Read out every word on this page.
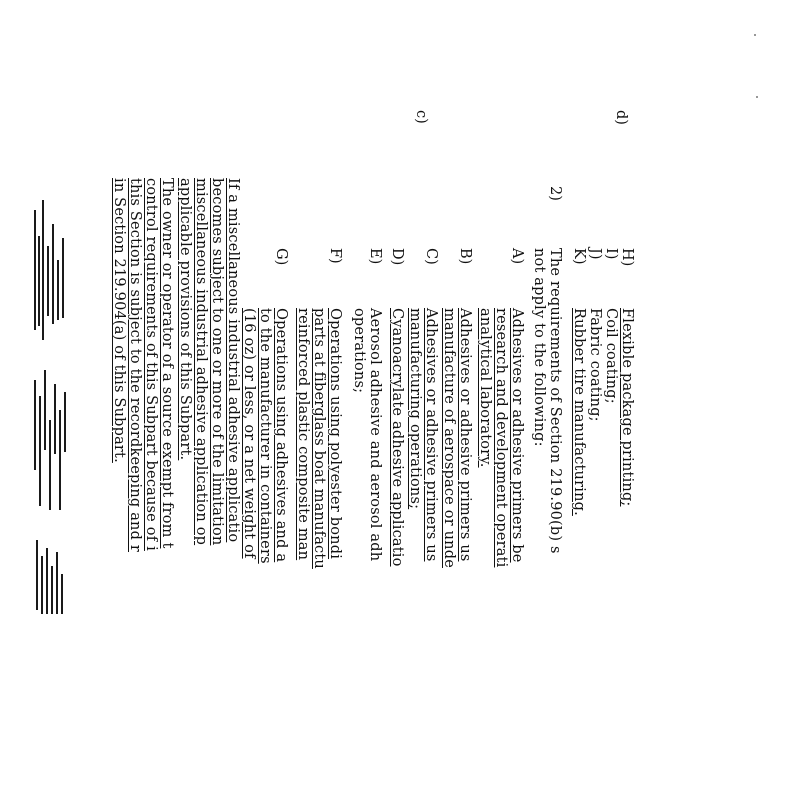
H)
Flexible package printing;
I)
Coil coating;
J)
Fabric coating;
K)
Rubber tire manufacturing.
2)
The requirements of Section 219.90(b) s
not apply to the following:
A)
Adhesives or adhesive primers be
research and development operati
analytical laboratory.
B)
Adhesives or adhesive primers us
manufacture of aerospace or unde
C)
Adhesives or adhesive primers us
manufacturing operations;
D)
Cyanoacrylate adhesive applicatio
E)
Aerosol adhesive and aerosol adh
operations;
F)
Operations using polyester bondi
parts at fiberglass boat manufactu
reinforced plastic composite man
G)
Operations using adhesives and a
to the manufacturer in containers
(16 oz) or less, or a net weight of
c)
If a miscellaneous industrial adhesive applicatio
becomes subject to one or more of the limitation
miscellaneous industrial adhesive application op
applicable provisions of this Subpart.
d)
The owner or operator of a source exempt from t
control requirements of this Subpart because of i
this Section is subject to the recordkeeping and r
in Section 219.904(a) of this Subpart.
